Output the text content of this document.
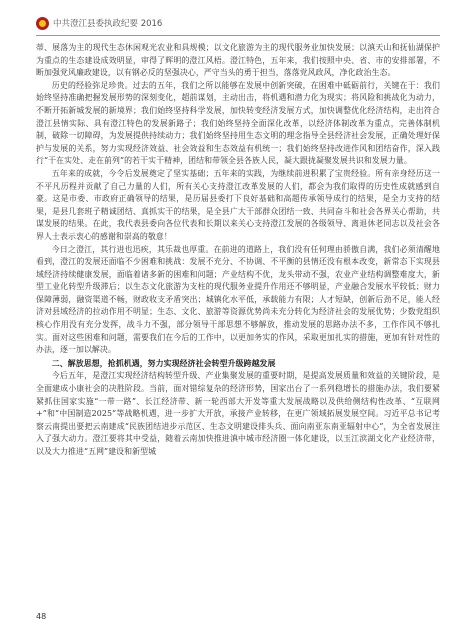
中共澄江县委执政纪要 2016

蒂、展落为主的现代生态休闲观光农业和具规模；以文化旅游为主的现代服务业加快发展；以滇天山和抚仙湖保护为重点的生态建设成效明显，审得了辉明的澄江风梧。澄江特色，五年来，我们按照中央、省、市的安排部署，不断加强党风廉政建设，以有钢必反的坚强决心，严守当头的勇于担当，落落党风政风，净化政治生态。

历史的经验弥足珍贵。过去的五年，我们之所以能够在发展中创新突破，在困难中砥砺前行，关键在于：我们始终坚持准确把握发展形势的深刻变化，超前谋划，主动出击，将机遇和潜力化为现实；将风险和挑战化为动力，不断开拓新城发展的新境界；我们始终坚持科学发展，加快转变经济发展方式，加快调整优化经济结构，走出符合澄江县情实际、具有澄江特色的发展新路子；我们始终坚持全面深化改革，以经济体制改革为重点，完善体制机制，破除一切障碍，为发展提供持续动力；我们始终坚持用生态文明的理念指导全县经济社会发展，正确处理好保护与发展的关系，努力实现经济效益、社会效益和生态效益有机统一；我们始终坚持改进作风和团结奋作，深入践行“干在实处、走在前列”的若干实干精神，团结和带领全县各族人民，凝大跟拢凝聚发展共识和发展力量。

五年来的成就，今令后发展奠定了坚实基础；五年来的实践，为继续前进积累了宝贵经验。所有亲身经历这一不平凡历程并贡献了自己力量的人们，所有关心支持澄江改革发展的人们，都会为我们取得的历史性成就感到自豪。这是市委、市政府正确领导的结果，是历届县委打下良好基础和高超传承领导成行的结果，是全力支持的结果，是县几套班子精诚团结、真抓实干的结果，是全县广大干部群众团结一致、共同奋斗和社会各界关心帮助，共谋发展的结果。在此，我代表县委向各位代表和长期以来关心支持澄江发展的各级领导、离退休老同志以及社会各界人士表示衷心的感谢和崇高的敬意！

今日之澄江，其行进也迅疾，其乐裁也厚重。在前进的道路上，我们没有任何理由骄傲自满，我们必须清醒地看到，澄江的发展还面临不少困难和挑战：发展不充分、不协调、不平衡的县情还没有根本改变，新常态下实现县域经济持续健康发展，面临着诸多新的困难和问题；产业结构不优，龙头带动不强，农业产业结构调整难度大，新型工业化转型升级滞后；以生态文化旅游为支柱的现代服务业提升作用还不够明显，产业融合发展水平较低；财力保障薄弱，融资渠道不畅，财政收支矛盾突出；城镇化水平低，承载能力有限；人才短缺，创新后劲不足，能人经济对县域经济的拉动作用不明显；生态、文化、旅游等资源优势尚未充分转化为经济社会的发展优势；少数党组织核心作用没有充分发挥，战斗力不强，部分领导干部思想不够解放，推动发展的思路办法不多，工作作风不够扎实。面对这些困难和问题，需要我们在今后的工作中，以更加务实的作风，采取更加扎实的措施，更加有针对性的办法，逐一加以解决。

二、解放思想，抢抓机遇，努力实现经济社会转型升级跨越发展

今后五年，是澄江实现经济结构转型升级、产业集聚发展的重要时期，是提高发展质量和效益的关键阶段，是全面建成小康社会的决胜阶段。当前，面对错综复杂的经济形势，国家出台了一系列稳增长的措施办法，我们要紧紧抓住国家实施“一带一路”、长江经济带、新一轮西部大开发等重大发展战略以及供给侧结构性改革、“互联网+”和“中国制造2025”等战略机遇，进一步扩大开放，承接产业转移，在更广领域拓展发展空间。习近平总书记考察云南提出要把云南建成“民族团结进步示范区、生态文明建设排头兵、面向南亚东南亚辐射中心”，为全省发展注入了强大动力。澄江要将其中受益，随着云南加快推进滇中城市经济圈一体化建设，以玉江滨湖文化产业经济带，以及大力推进“五网”建设和新型城

48
